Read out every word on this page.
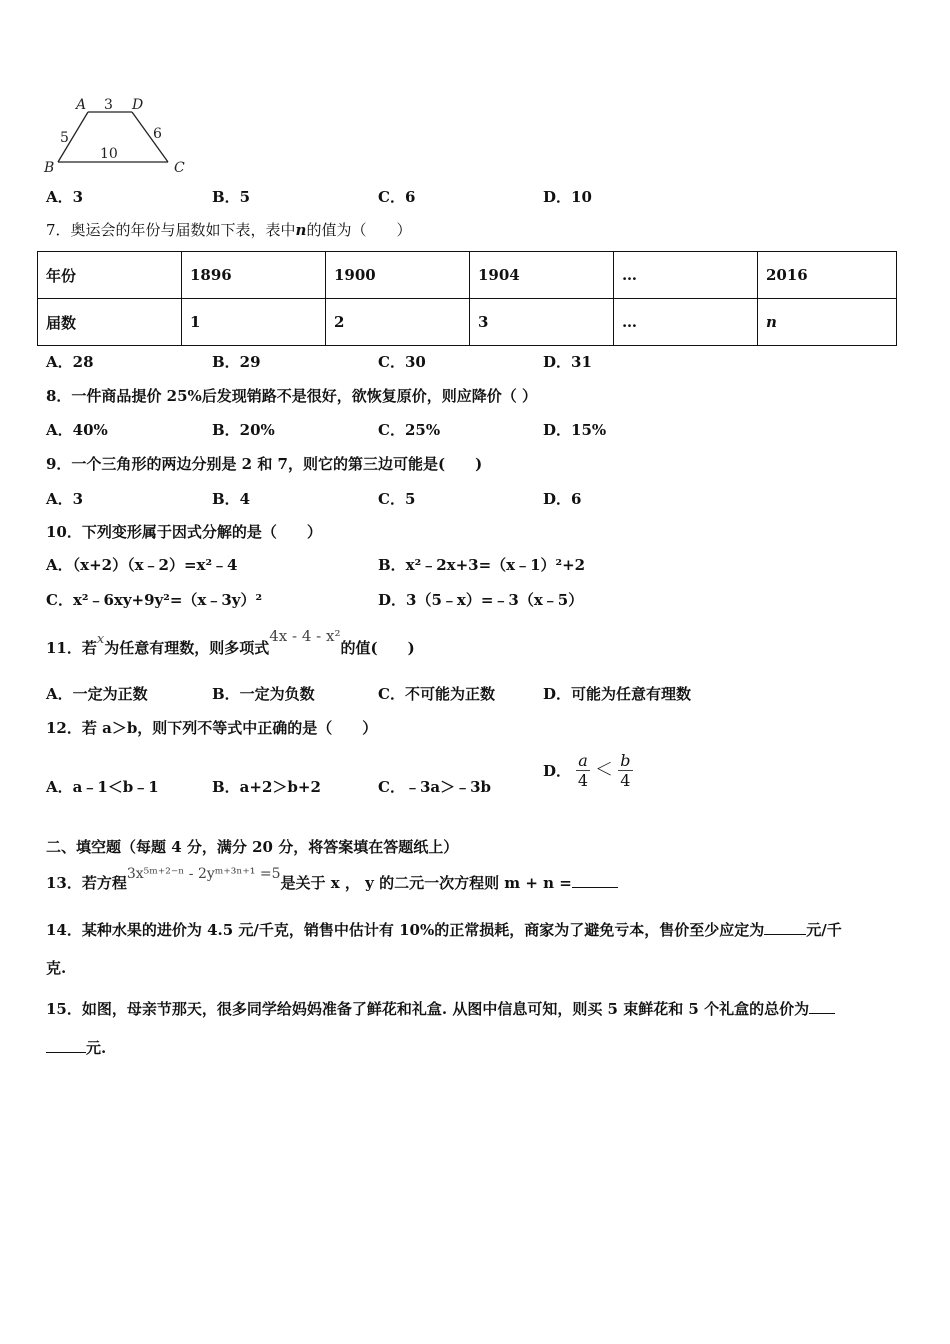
A 3 D
5	6
10
B	C
A．3	B．5	C．6	D．10
7．奥运会的年份与届数如下表，表中n的值为（　　）
年份	1896	1900	1904	…	2016
届数	1	2	3	…	n
A．28	B．29	C．30	D．31
8．一件商品提价 25%后发现销路不是很好，欲恢复原价，则应降价（ ）
A．40%	B．20%	C．25%	D．15%
9．一个三角形的两边分别是 2 和 7，则它的第三边可能是(　　)
A．3	B．4	C．5	D．6
10．下列变形属于因式分解的是（　　）
A．（x+2）（x﹣2）=x²﹣4	B．x²﹣2x+3=（x﹣1）²+2
C．x²﹣6xy+9y²=（x﹣3y）²	D．3（5﹣x）=﹣3（x﹣5）
11．若x为任意有理数，则多项式4x - 4 - x²的值(　　)
A．一定为正数	B．一定为负数	C．不可能为正数	D．可能为任意有理数
12．若 a＞b，则下列不等式中正确的是（　　）
A．a﹣1＜b﹣1	B．a+2＞b+2	C．﹣3a＞﹣3b
D． $\frac{a}{4} < \frac{b}{4}$
二、填空题（每题 4 分，满分 20 分，将答案填在答题纸上）
13．若方程3x⁵ᵐ⁺²⁻ⁿ - 2yᵐ⁺³ⁿ⁺¹ =5是关于 x ， y 的二元一次方程则 m + n =
14．某种水果的进价为 4.5 元/千克，销售中估计有 10%的正常损耗，商家为了避免亏本，售价至少应定为	元/千
克.
15．如图，母亲节那天，很多同学给妈妈准备了鲜花和礼盒. 从图中信息可知，则买 5 束鲜花和 5 个礼盒的总价为
元.
